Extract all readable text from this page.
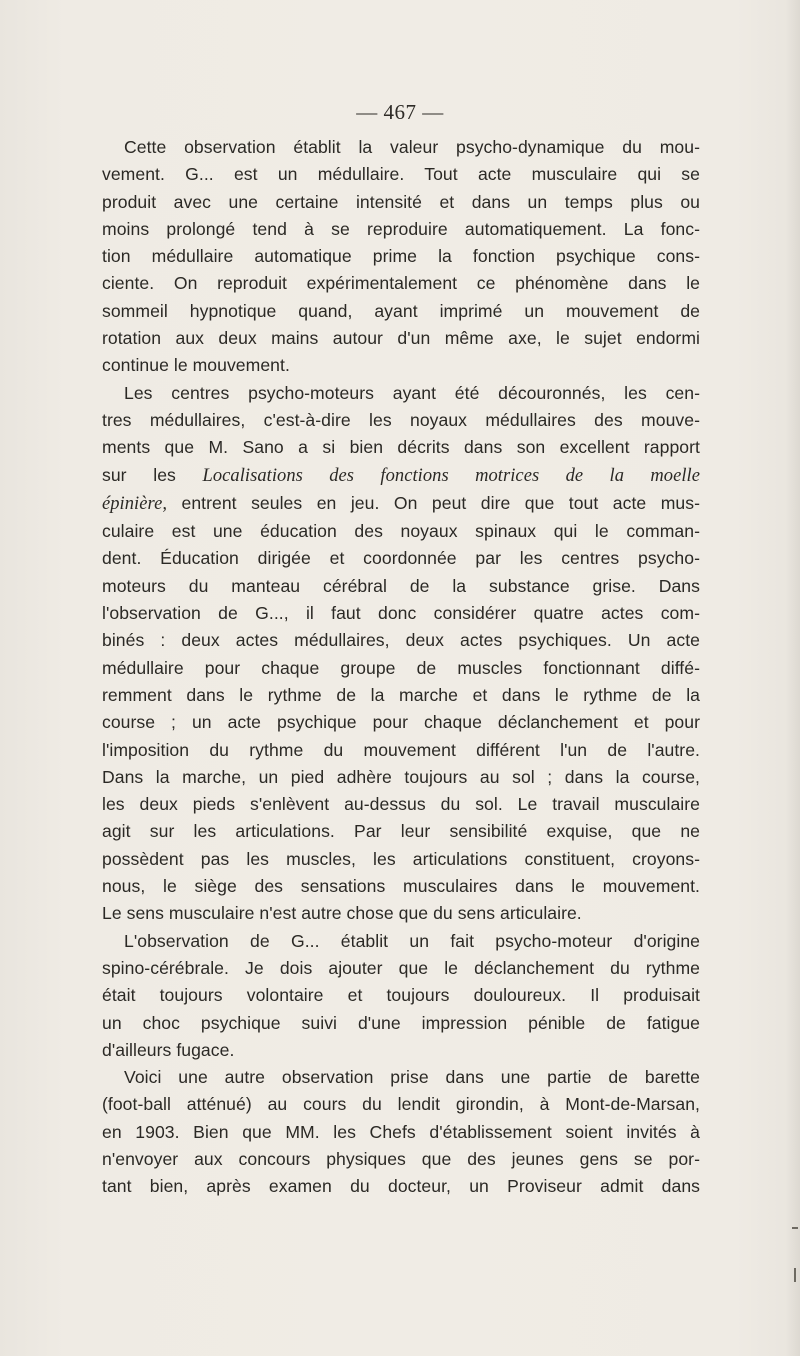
— 467 —

Cette observation établit la valeur psycho-dynamique du mou-
vement. G... est un médullaire. Tout acte musculaire qui se
produit avec une certaine intensité et dans un temps plus ou
moins prolongé tend à se reproduire automatiquement. La fonc-
tion médullaire automatique prime la fonction psychique cons-
ciente. On reproduit expérimentalement ce phénomène dans le
sommeil hypnotique quand, ayant imprimé un mouvement de
rotation aux deux mains autour d'un même axe, le sujet endormi
continue le mouvement.

Les centres psycho-moteurs ayant été découronnés, les cen-
tres médullaires, c'est-à-dire les noyaux médullaires des mouve-
ments que M. Sano a si bien décrits dans son excellent rapport
sur les Localisations des fonctions motrices de la moelle
épinière, entrent seules en jeu. On peut dire que tout acte mus-
culaire est une éducation des noyaux spinaux qui le comman-
dent. Éducation dirigée et coordonnée par les centres psycho-
moteurs du manteau cérébral de la substance grise. Dans
l'observation de G..., il faut donc considérer quatre actes com-
binés : deux actes médullaires, deux actes psychiques. Un acte
médullaire pour chaque groupe de muscles fonctionnant diffé-
remment dans le rythme de la marche et dans le rythme de la
course ; un acte psychique pour chaque déclanchement et pour
l'imposition du rythme du mouvement différent l'un de l'autre.
Dans la marche, un pied adhère toujours au sol ; dans la course,
les deux pieds s'enlèvent au-dessus du sol. Le travail musculaire
agit sur les articulations. Par leur sensibilité exquise, que ne
possèdent pas les muscles, les articulations constituent, croyons-
nous, le siège des sensations musculaires dans le mouvement.
Le sens musculaire n'est autre chose que du sens articulaire.

L'observation de G... établit un fait psycho-moteur d'origine
spino-cérébrale. Je dois ajouter que le déclanchement du rythme
était toujours volontaire et toujours douloureux. Il produisait
un choc psychique suivi d'une impression pénible de fatigue
d'ailleurs fugace.

Voici une autre observation prise dans une partie de barette
(foot-ball atténué) au cours du lendit girondin, à Mont-de-Marsan,
en 1903. Bien que MM. les Chefs d'établissement soient invités à
n'envoyer aux concours physiques que des jeunes gens se por-
tant bien, après examen du docteur, un Proviseur admit dans
